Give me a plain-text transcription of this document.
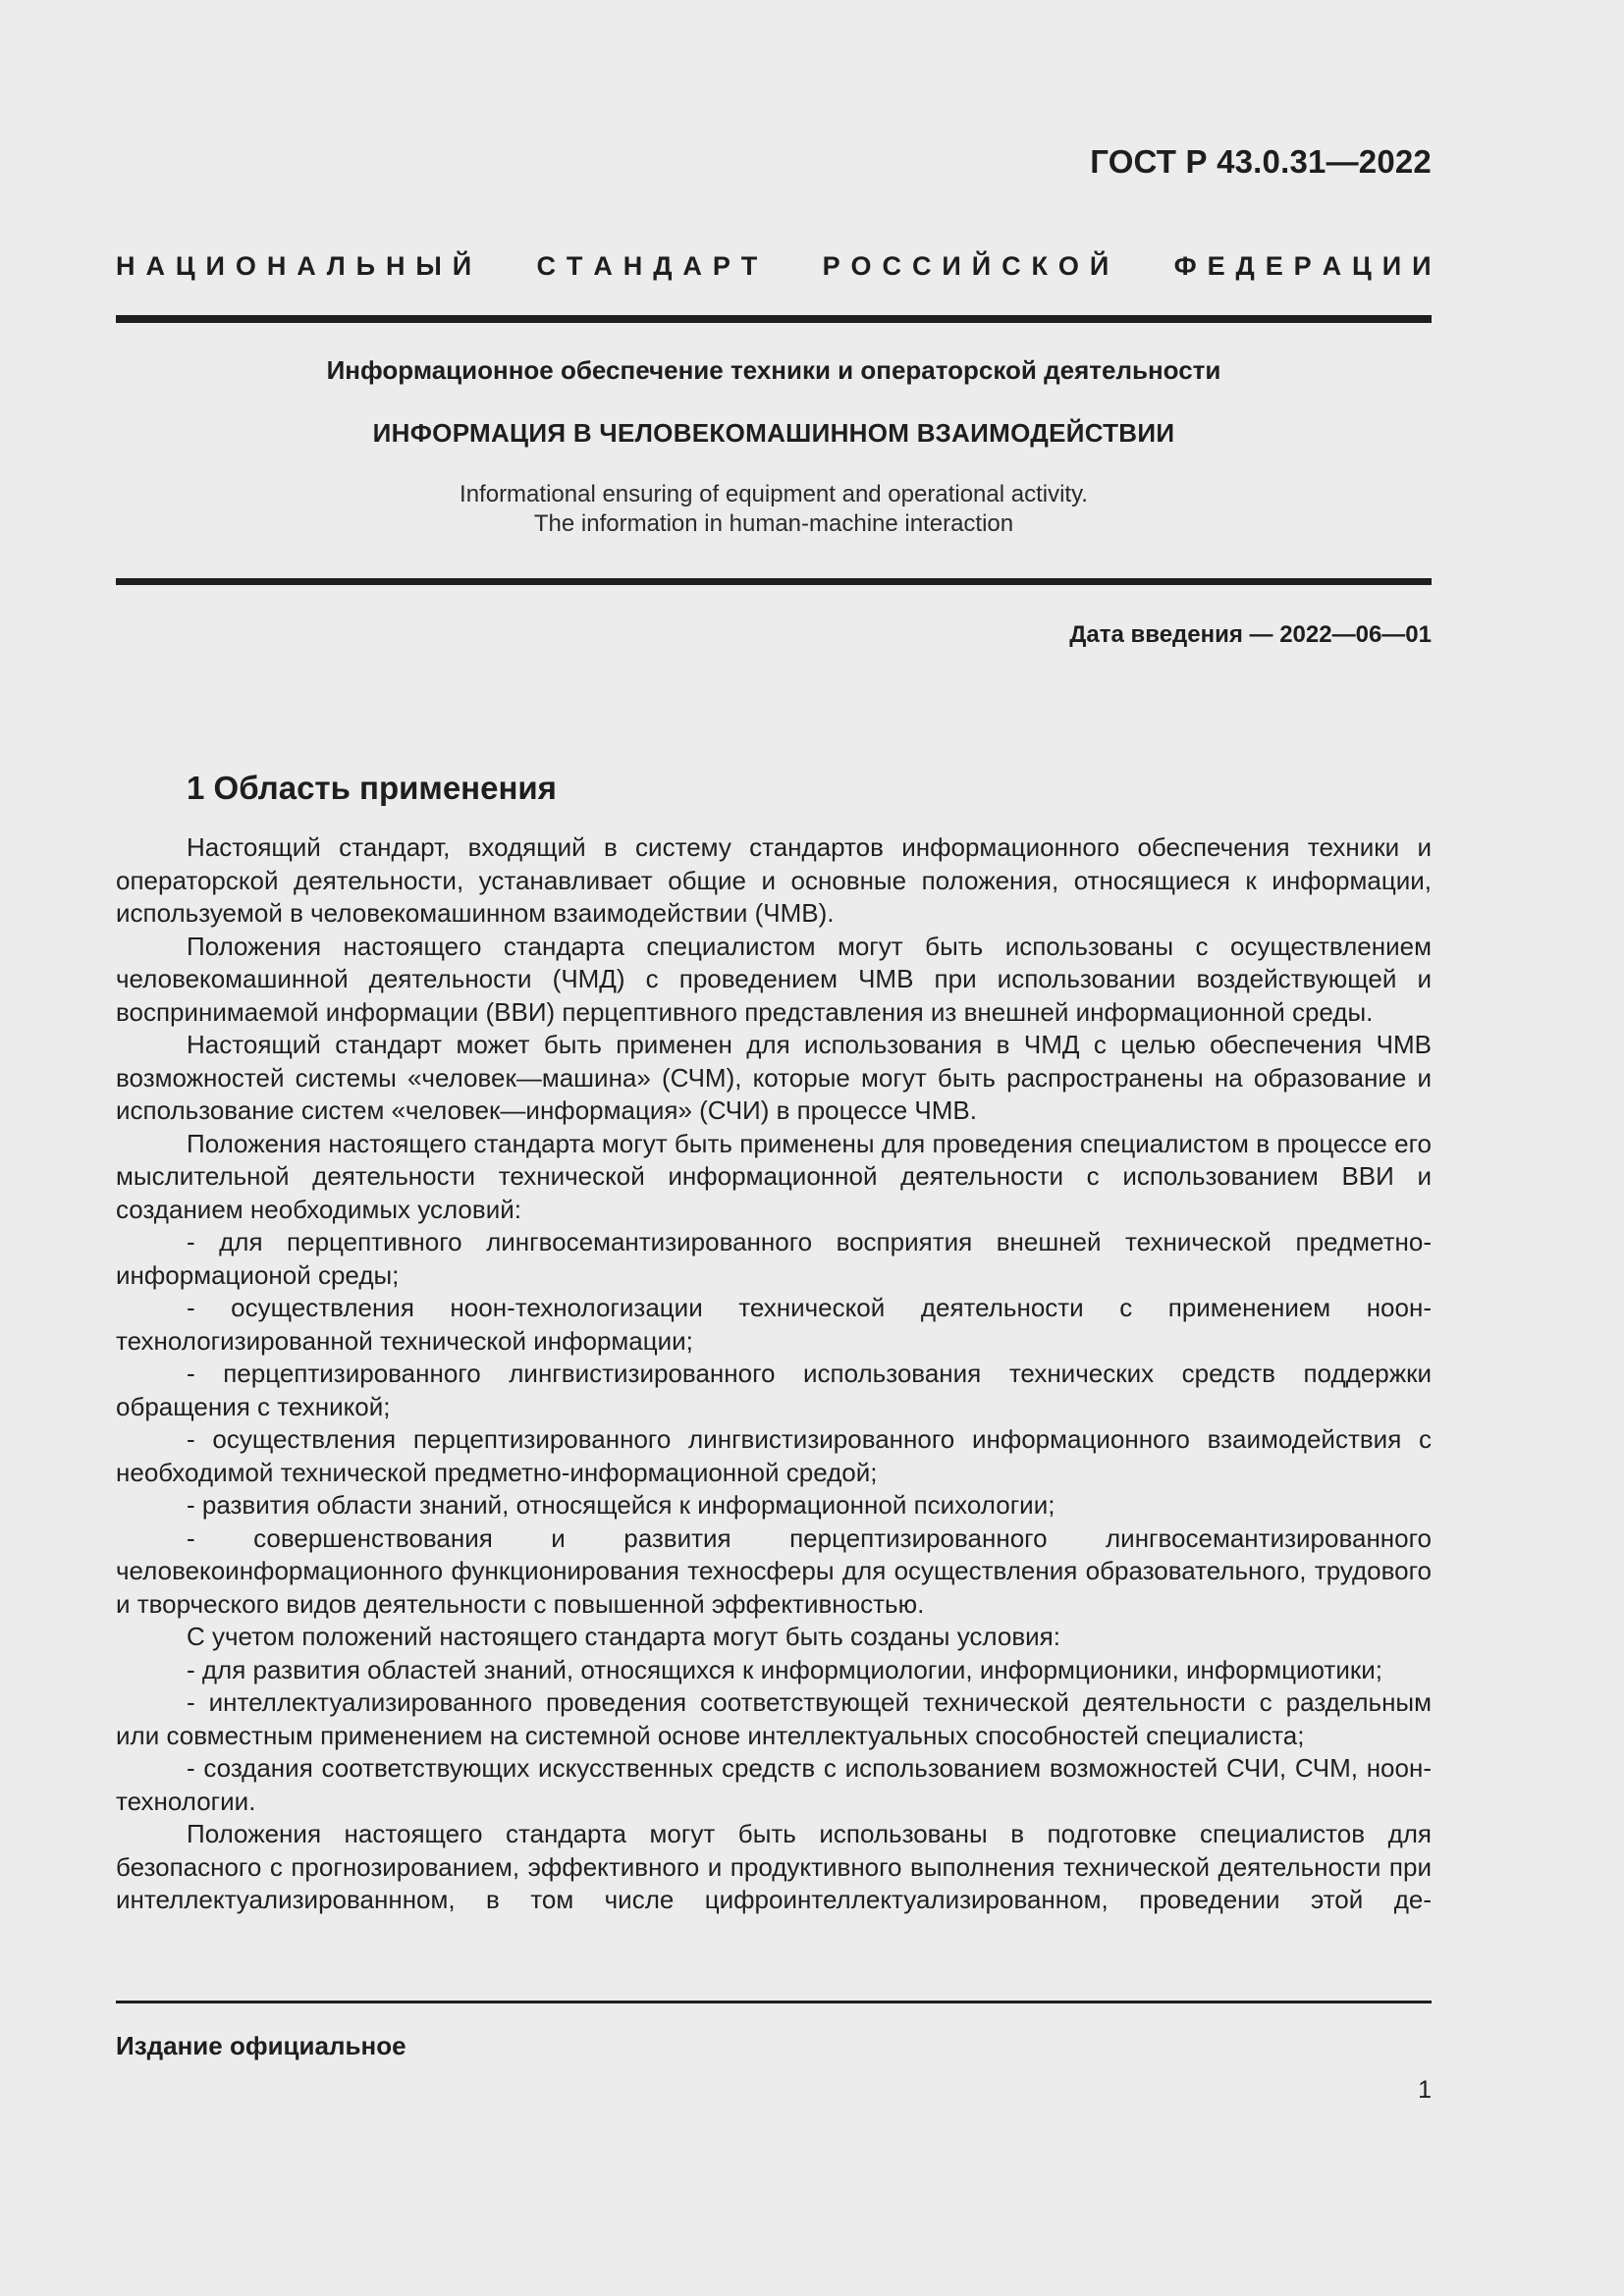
ГОСТ Р 43.0.31—2022
Н А Ц И О Н А Л Ь Н Ы Й

С Т А Н Д А Р Т

Р О С С И Й С К О Й

Ф Е Д Е Р А Ц И И
Информационное обеспечение техники и операторской деятельности
ИНФОРМАЦИЯ В ЧЕЛОВЕКОМАШИННОМ ВЗАИМОДЕЙСТВИИ
Informational ensuring of equipment and operational activity.
The information in human-machine interaction
Дата введения — 2022—06—01
1 Область применения

Настоящий стандарт, входящий в систему стандартов информационного обеспечения техники и операторской деятельности, устанавливает общие и основные положения, относящиеся к информации, используемой в человекомашинном взаимодействии (ЧМВ).

Положения настоящего стандарта специалистом могут быть использованы с осуществлением человекомашинной деятельности (ЧМД) с проведением ЧМВ при использовании воздействующей и воспринимаемой информации (ВВИ) перцептивного представления из внешней информационной среды.

Настоящий стандарт может быть применен для использования в ЧМД с целью обеспечения ЧМВ возможностей системы «человек—машина» (СЧМ), которые могут быть распространены на образование и использование систем «человек—информация» (СЧИ) в процессе ЧМВ.

Положения настоящего стандарта могут быть применены для проведения специалистом в процессе его мыслительной деятельности технической информационной деятельности с использованием ВВИ и созданием необходимых условий:

- для перцептивного лингвосемантизированного восприятия внешней технической предметно-информационой среды;

- осуществления ноон-технологизации технической деятельности с применением ноон-технологизированной технической информации;

- перцептизированного лингвистизированного использования технических средств поддержки обращения с техникой;

- осуществления перцептизированного лингвистизированного информационного взаимодействия с необходимой технической предметно-информационной средой;

- развития области знаний, относящейся к информационной психологии;

- совершенствования и развития перцептизированного лингвосемантизированного человекоинформационного функционирования техносферы для осуществления образовательного, трудового и творческого видов деятельности с повышенной эффективностью.

С учетом положений настоящего стандарта могут быть созданы условия:

- для развития областей знаний, относящихся к информциологии, информционики, информциотики;

- интеллектуализированного проведения соответствующей технической деятельности с раздельным или совместным применением на системной основе интеллектуальных способностей специалиста;

- создания соответствующих искусственных средств с использованием возможностей СЧИ, СЧМ, ноон-технологии.

Положения настоящего стандарта могут быть использованы в подготовке специалистов для безопасного с прогнозированием, эффективного и продуктивного выполнения технической деятельности при интеллектуализированнном, в том числе цифроинтеллектуализированном, проведении этой де-

Издание официальное
1
